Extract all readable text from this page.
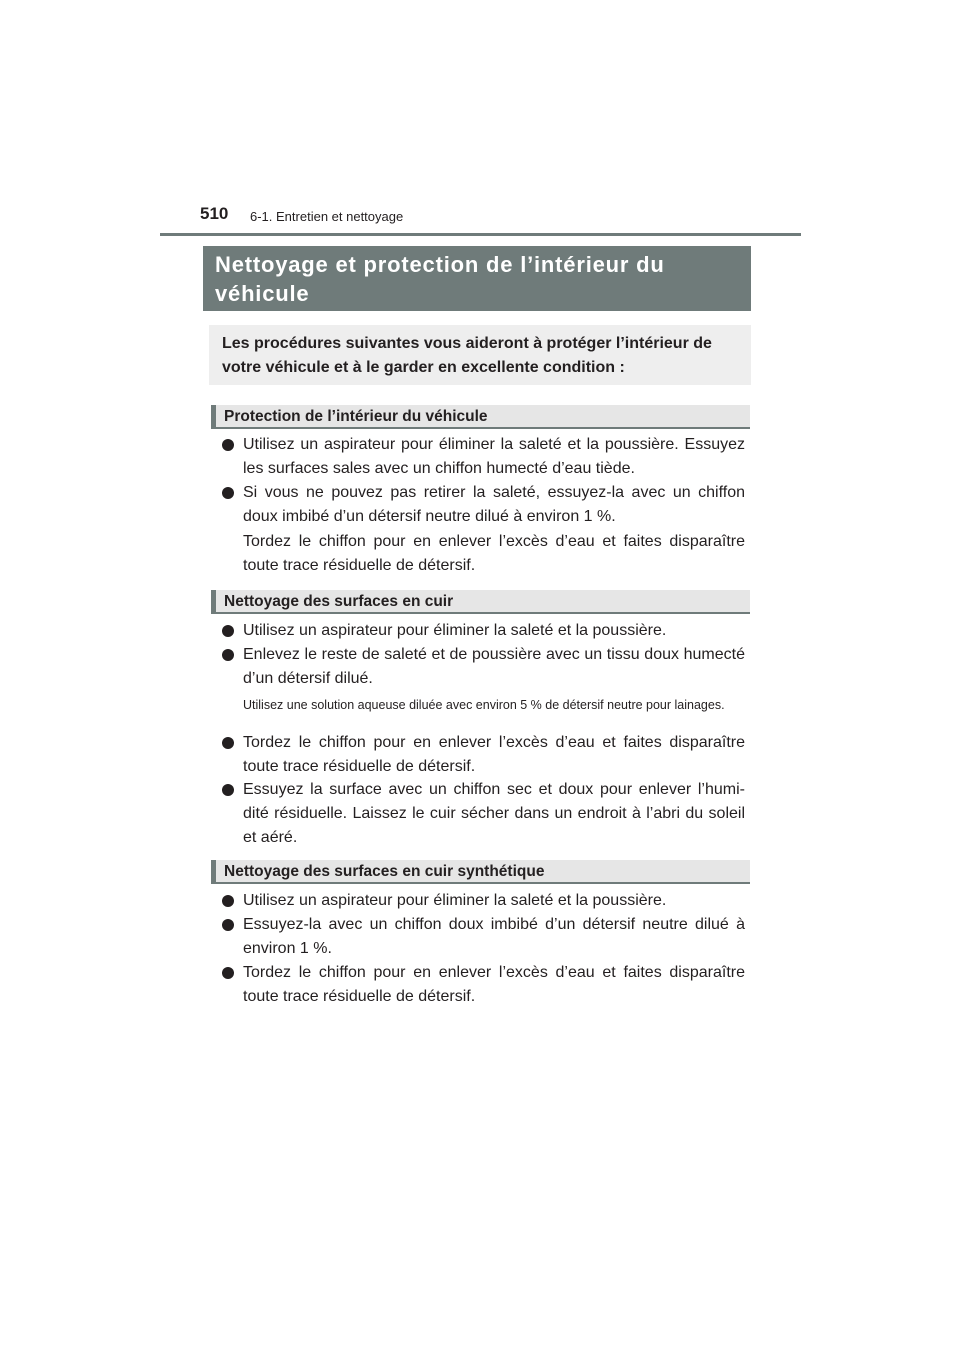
510 6-1. Entretien et nettoyage
Nettoyage et protection de l’intérieur du véhicule

Les procédures suivantes vous aideront à protéger l’intérieur de votre véhicule et à le garder en excellente condition :

Protection de l’intérieur du véhicule
Utilisez un aspirateur pour éliminer la saleté et la poussière. Essuyez les surfaces sales avec un chiffon humecté d’eau tiède.
Si vous ne pouvez pas retirer la saleté, essuyez-la avec un chiffon doux imbibé d’un détersif neutre dilué à environ 1 %.
Tordez le chiffon pour en enlever l’excès d’eau et faites disparaître toute trace résiduelle de détersif.
Nettoyage des surfaces en cuir
Utilisez un aspirateur pour éliminer la saleté et la poussière.
Enlevez le reste de saleté et de poussière avec un tissu doux humecté d’un détersif dilué.
Utilisez une solution aqueuse diluée avec environ 5 % de détersif neutre pour lainages.
Tordez le chiffon pour en enlever l’excès d’eau et faites disparaître toute trace résiduelle de détersif.
Essuyez la surface avec un chiffon sec et doux pour enlever l’humi-dité résiduelle. Laissez le cuir sécher dans un endroit à l’abri du soleil et aéré.
Nettoyage des surfaces en cuir synthétique
Utilisez un aspirateur pour éliminer la saleté et la poussière.
Essuyez-la avec un chiffon doux imbibé d’un détersif neutre dilué à environ 1 %.
Tordez le chiffon pour en enlever l’excès d’eau et faites disparaître toute trace résiduelle de détersif.
